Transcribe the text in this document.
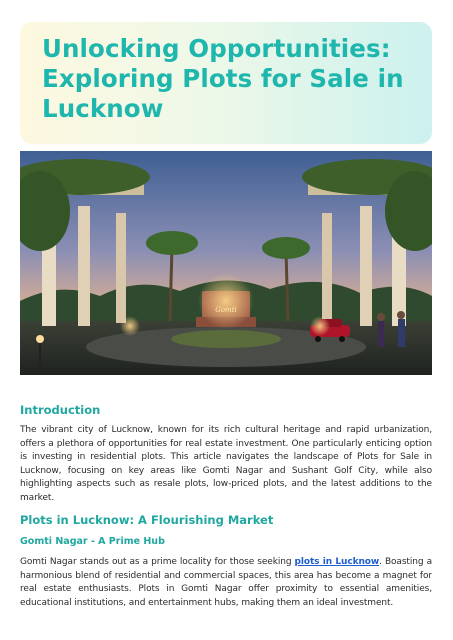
Unlocking Opportunities: Exploring Plots for Sale in Lucknow
Gomti
Introduction

The vibrant city of Lucknow, known for its rich cultural heritage and rapid urbanization, offers a plethora of opportunities for real estate investment. One particularly enticing option is investing in residential plots. This article navigates the landscape of Plots for Sale in Lucknow, focusing on key areas like Gomti Nagar and Sushant Golf City, while also highlighting aspects such as resale plots, low-priced plots, and the latest additions to the market.

Plots in Lucknow: A Flourishing Market
Gomti Nagar - A Prime Hub

Gomti Nagar stands out as a prime locality for those seeking plots in Lucknow. Boasting a harmonious blend of residential and commercial spaces, this area has become a magnet for real estate enthusiasts. Plots in Gomti Nagar offer proximity to essential amenities, educational institutions, and entertainment hubs, making them an ideal investment.
